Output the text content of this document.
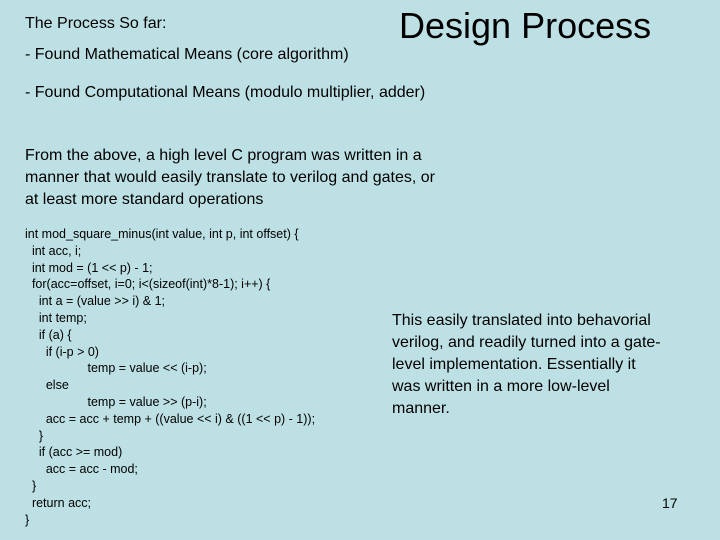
Design Process
The Process So far:
- Found Mathematical Means (core algorithm)
- Found Computational Means (modulo multiplier, adder)
From the above, a high level C program was written in a
manner that would easily translate to verilog and gates, or
at least more standard operations
int mod_square_minus(int value, int p, int offset) {
int acc, i;
int mod = (1 << p) - 1;
for(acc=offset, i=0; i<(sizeof(int)*8-1); i++) {
int a = (value >> i) & 1;
int temp;
if (a) {
if (i-p > 0)
temp = value << (i-p);
else
temp = value >> (p-i);
acc = acc + temp + ((value << i) & ((1 << p) - 1));
}
if (acc >= mod)
acc = acc - mod;
}
return acc;
}
This easily translated into behavorial
verilog, and readily turned into a gate-
level implementation. Essentially it
was written in a more low-level
manner.
17
